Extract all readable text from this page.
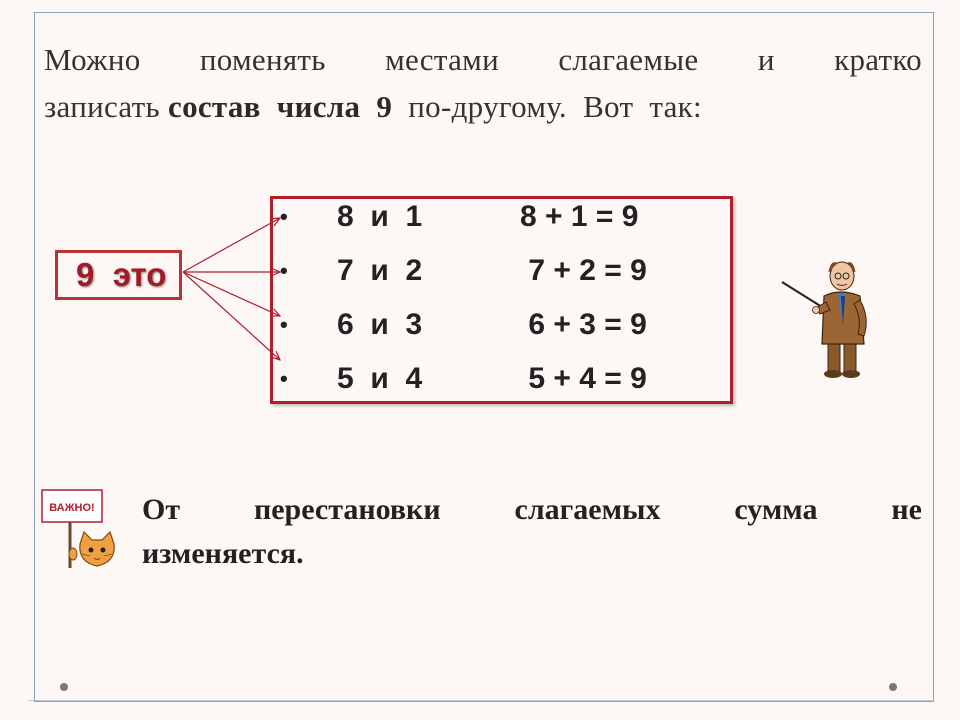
Можно поменять местами слагаемые и кратко
записать состав  числа  9  по-другому.  Вот  так:
9  это
• 8  и  1	8 + 1 = 9
• 7  и  2	7 + 2 = 9
• 6  и  3	6 + 3 = 9
• 5  и  4	5 + 4 = 9
ВАЖНО! От перестановки слагаемых сумма не
изменяется.
